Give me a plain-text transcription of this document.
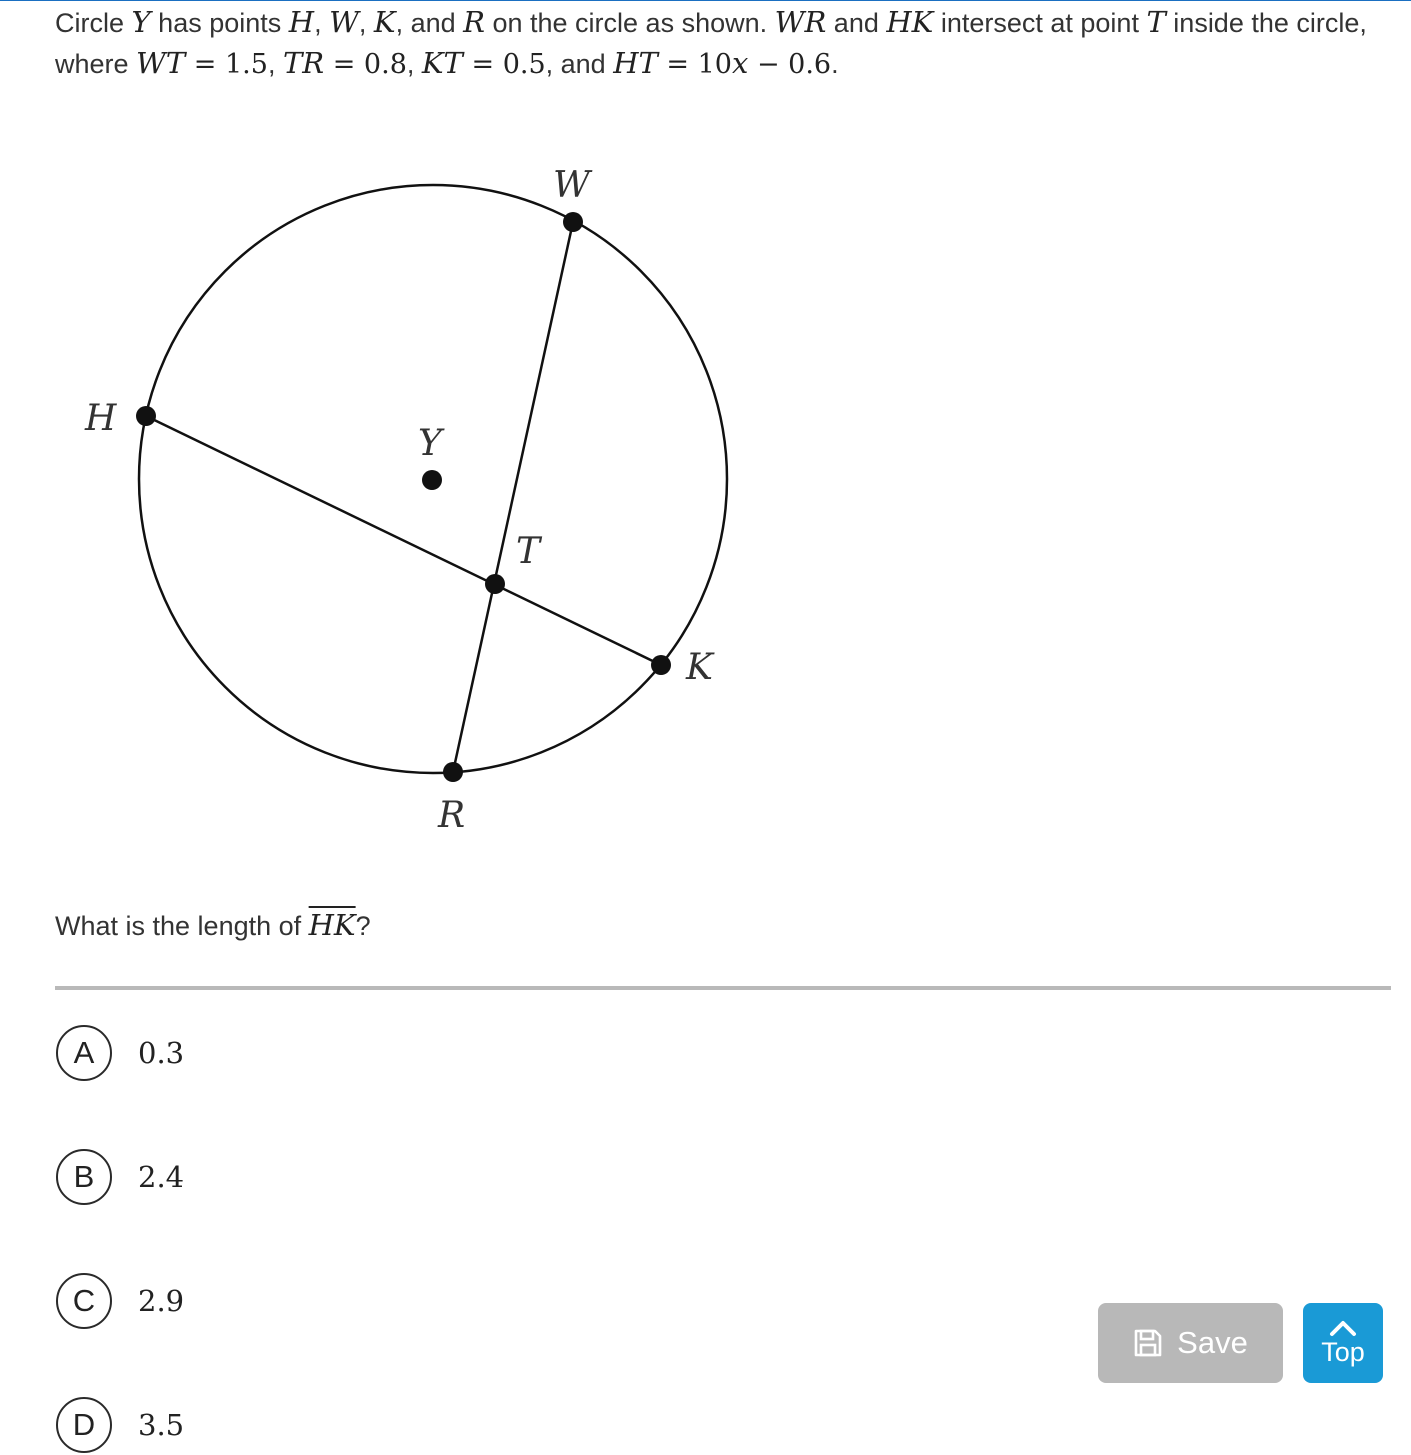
Circle Y has points H, W, K, and R on the circle as shown. WR and HK intersect at point T inside the circle, where WT = 1.5, TR = 0.8, KT = 0.5, and HT = 10x − 0.6.
W
H
Y
T
K
R
What is the length of $\overline{HK}$?
A	0.3
B	2.4
C	2.9
D	3.5
Save	Top
